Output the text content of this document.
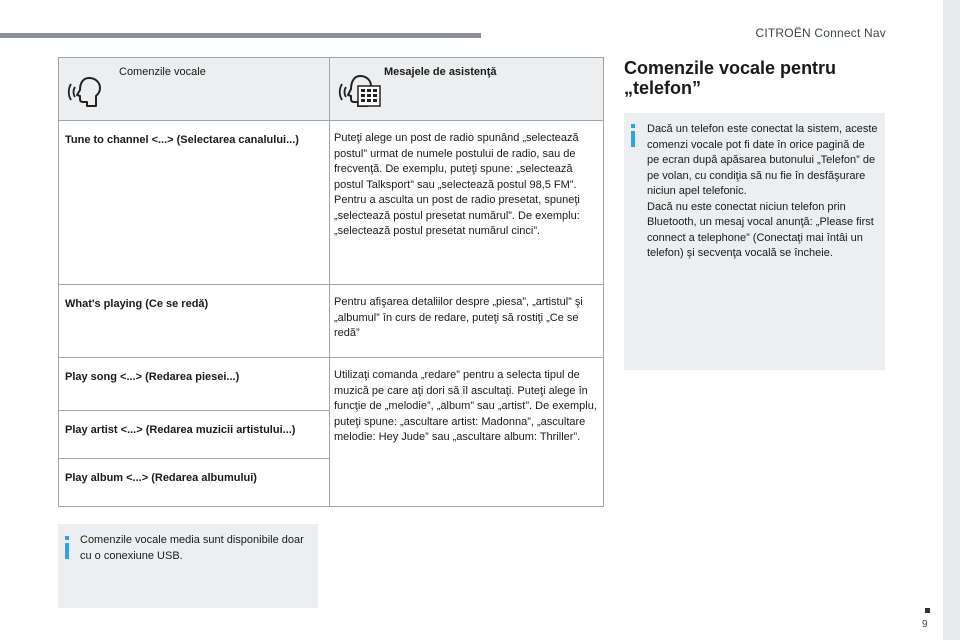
CITROËN Connect Nav
9
Comenzile vocale	Mesajele de asistenţă

Tune to channel <...> (Selectarea canalului...)	Puteţi alege un post de radio spunând „selectează postul” urmat de numele postului de radio, sau de frecvenţă. De exemplu, puteţi spune: „selectează postul Talksport” sau „selectează postul 98,5 FM”. Pentru a asculta un post de radio presetat, spuneţi „selectează postul presetat numărul”. De exemplu: „selectează postul presetat numărul cinci”.

What's playing (Ce se redă)	Pentru afişarea detaliilor despre „piesa”, „artistul” şi „albumul” în curs de redare, puteţi să rostiţi „Ce se redă”

Play song <...> (Redarea piesei...)	Utilizaţi comanda „redare” pentru a selecta tipul de muzică pe care aţi dori să îl ascultaţi. Puteţi alege în funcţie de „melodie”, „album” sau „artist”. De exemplu, puteţi spune: „ascultare artist: Madonna”, „ascultare melodie: Hey Jude” sau „ascultare album: Thriller”.

Play artist <...> (Redarea muzicii artistului...)	

Play album <...> (Redarea albumului)	
Comenzile vocale media sunt disponibile doar cu o conexiune USB.
Comenzile vocale pentru „telefon”
Dacă un telefon este conectat la sistem, aceste comenzi vocale pot fi date în orice pagină de pe ecran după apăsarea butonului „Telefon” de pe volan, cu condiţia să nu fie în desfăşurare niciun apel telefonic.
Dacă nu este conectat niciun telefon prin Bluetooth, un mesaj vocal anunţă: „Please first connect a telephone” (Conectaţi mai întâi un telefon) şi secvenţa vocală se încheie.
